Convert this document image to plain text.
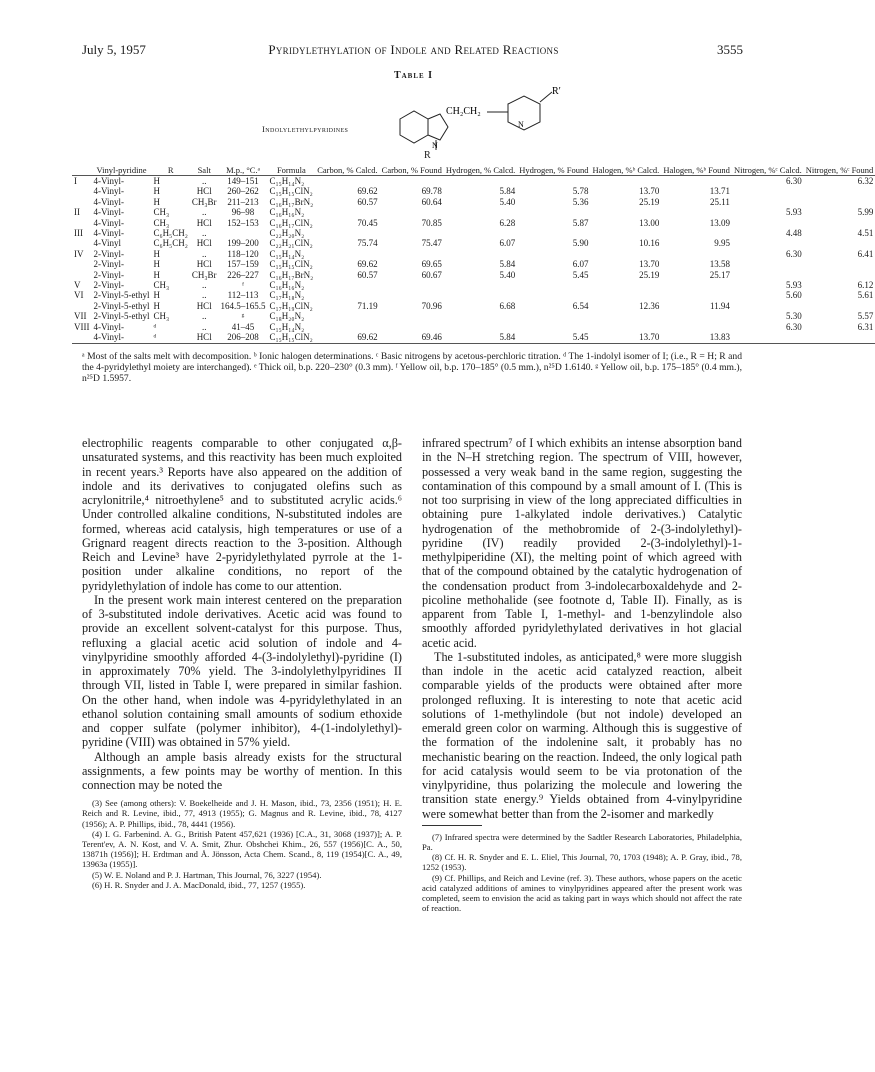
July 5, 1957	Pyridylethylation of Indole and Related Reactions	3555
Table I
Indolylethylpyridines
CH₂CH₂
R′
N
N
R
	Vinyl-pyridine	R	Salt	M.p., °C.ᵃ	Formula	Carbon, % Calcd.	Carbon, % Found	Hydrogen, % Calcd.	Hydrogen, % Found	Halogen, %ᵇ Calcd.	Halogen, %ᵇ Found	Nitrogen, %ᶜ Calcd.	Nitrogen, %ᶜ Found
I	4-Vinyl-	H	..	149–151	C₁₅H₁₄N₂							6.30	6.32
	4-Vinyl-	H	HCl	260–262	C₁₅H₁₅ClN₂	69.62	69.78	5.84	5.78	13.70	13.71		
	4-Vinyl-	H	CH₃Br	211–213	C₁₆H₁₇BrN₂	60.57	60.64	5.40	5.36	25.19	25.11		
II	4-Vinyl-	CH₃	..	96–98	C₁₆H₁₆N₂							5.93	5.99
	4-Vinyl-	CH₃	HCl	152–153	C₁₆H₁₇ClN₂	70.45	70.85	6.28	5.87	13.00	13.09		
III	4-Vinyl-	C₆H₅CH₂	..		C₂₂H₂₀N₂							4.48	4.51
	4-Vinyl	C₆H₅CH₂	HCl	199–200	C₂₂H₂₁ClN₂	75.74	75.47	6.07	5.90	10.16	9.95		
IV	2-Vinyl-	H	..	118–120	C₁₅H₁₄N₂							6.30	6.41
	2-Vinyl-	H	HCl	157–159	C₁₅H₁₅ClN₂	69.62	69.65	5.84	6.07	13.70	13.58		
	2-Vinyl-	H	CH₃Br	226–227	C₁₆H₁₇BrN₂	60.57	60.67	5.40	5.45	25.19	25.17		
V	2-Vinyl-	CH₃	..	ᶠ	C₁₆H₁₆N₂							5.93	6.12
VI	2-Vinyl-5-ethyl	H	..	112–113	C₁₇H₁₈N₂							5.60	5.61
	2-Vinyl-5-ethyl	H	HCl	164.5–165.5	C₁₇H₁₉ClN₂	71.19	70.96	6.68	6.54	12.36	11.94		
VII	2-Vinyl-5-ethyl	CH₃	..	ᵍ	C₁₈H₂₀N₂							5.30	5.57
VIII	4-Vinyl-	ᵈ	..	41–45	C₁₅H₁₄N₂							6.30	6.31
	4-Vinyl-	ᵈ	HCl	206–208	C₁₅H₁₅ClN₂	69.62	69.46	5.84	5.45	13.70	13.83		
ᵃ Most of the salts melt with decomposition. ᵇ Ionic halogen determinations. ᶜ Basic nitrogens by acetous-perchloric titration. ᵈ The 1-indolyl isomer of I; (i.e., R = H; R and the 4-pyridylethyl moiety are interchanged). ᵉ Thick oil, b.p. 220–230° (0.3 mm). ᶠ Yellow oil, b.p. 170–185° (0.5 mm.), n²⁵D 1.6140. ᵍ Yellow oil, b.p. 175–185° (0.4 mm.), n²⁵D 1.5957.

electrophilic reagents comparable to other conjugated α,β-unsaturated systems, and this reactivity has been much exploited in recent years.³ Reports have also appeared on the addition of indole and its derivatives to conjugated olefins such as acrylonitrile,⁴ nitroethylene⁵ and to substituted acrylic acids.⁶ Under controlled alkaline conditions, N-substituted indoles are formed, whereas acid catalysis, high temperatures or use of a Grignard reagent directs reaction to the 3-position. Although Reich and Levine³ have 2-pyridylethylated pyrrole at the 1-position under alkaline conditions, no report of the pyridylethylation of indole has come to our attention.

In the present work main interest centered on the preparation of 3-substituted indole derivatives. Acetic acid was found to provide an excellent solvent-catalyst for this purpose. Thus, refluxing a glacial acetic acid solution of indole and 4-vinylpyridine smoothly afforded 4-(3-indolylethyl)-pyridine (I) in approximately 70% yield. The 3-indolylethylpyridines II through VII, listed in Table I, were prepared in similar fashion. On the other hand, when indole was 4-pyridylethylated in an ethanol solution containing small amounts of sodium ethoxide and copper sulfate (polymer inhibitor), 4-(1-indolylethyl)-pyridine (VIII) was obtained in 57% yield.

Although an ample basis already exists for the structural assignments, a few points may be worthy of mention. In this connection may be noted the

(3) See (among others): V. Boekelheide and J. H. Mason, ibid., 73, 2356 (1951); H. E. Reich and R. Levine, ibid., 77, 4913 (1955); G. Magnus and R. Levine, ibid., 78, 4127 (1956); A. P. Phillips, ibid., 78, 4441 (1956).
(4) I. G. Farbenind. A. G., British Patent 457,621 (1936) [C.A., 31, 3068 (1937)]; A. P. Terent'ev, A. N. Kost, and V. A. Smit, Zhur. Obshchei Khim., 26, 557 (1956)[C. A., 50, 13871h (1956)]; H. Erdtman and Å. Jönsson, Acta Chem. Scand., 8, 119 (1954)[C. A., 49, 13963a (1955)].
(5) W. E. Noland and P. J. Hartman, This Journal, 76, 3227 (1954).
(6) H. R. Snyder and J. A. MacDonald, ibid., 77, 1257 (1955).

infrared spectrum⁷ of I which exhibits an intense absorption band in the N–H stretching region. The spectrum of VIII, however, possessed a very weak band in the same region, suggesting the contamination of this compound by a small amount of I. (This is not too surprising in view of the long appreciated difficulties in obtaining pure 1-alkylated indole derivatives.) Catalytic hydrogenation of the methobromide of 2-(3-indolylethyl)-pyridine (IV) readily provided 2-(3-indolylethyl)-1-methylpiperidine (XI), the melting point of which agreed with that of the compound obtained by the catalytic hydrogenation of the condensation product from 3-indolecarboxaldehyde and 2-picoline methohalide (see footnote d, Table II). Finally, as is apparent from Table I, 1-methyl- and 1-benzylindole also smoothly afforded pyridylethylated derivatives in hot glacial acetic acid.

The 1-substituted indoles, as anticipated,⁸ were more sluggish than indole in the acetic acid catalyzed reaction, albeit comparable yields of the products were obtained after more prolonged refluxing. It is interesting to note that acetic acid solutions of 1-methylindole (but not indole) developed an emerald green color on warming. Although this is suggestive of the formation of the indolenine salt, it probably has no mechanistic bearing on the reaction. Indeed, the only logical path for acid catalysis would seem to be via protonation of the vinylpyridine, thus polarizing the molecule and lowering the transition state energy.⁹ Yields obtained from 4-vinylpyridine were somewhat better than from the 2-isomer and markedly

(7) Infrared spectra were determined by the Sadtler Research Laboratories, Philadelphia, Pa.
(8) Cf. H. R. Snyder and E. L. Eliel, This Journal, 70, 1703 (1948); A. P. Gray, ibid., 78, 1252 (1953).
(9) Cf. Phillips, and Reich and Levine (ref. 3). These authors, whose papers on the acetic acid catalyzed additions of amines to vinylpyridines appeared after the present work was completed, seem to envision the acid as taking part in ways which should not affect the rate of reaction.
